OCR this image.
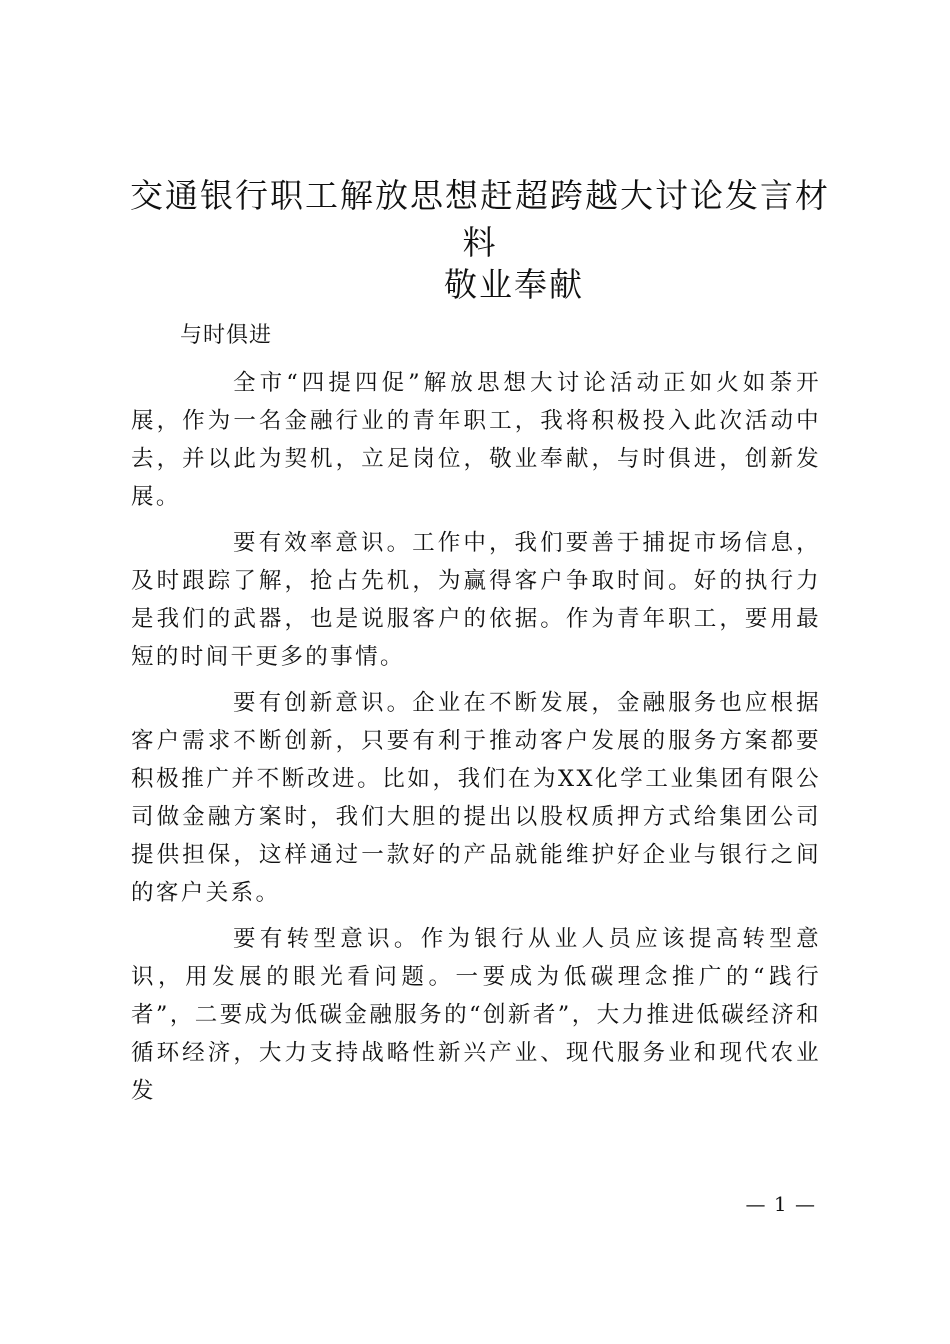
交通银行职工解放思想赶超跨越大讨论发言材料
敬业奉献
与时俱进

全市“四提四促”解放思想大讨论活动正如火如荼开展，作为一名金融行业的青年职工，我将积极投入此次活动中去，并以此为契机，立足岗位，敬业奉献，与时俱进，创新发展。

要有效率意识。工作中，我们要善于捕捉市场信息，及时跟踪了解，抢占先机，为赢得客户争取时间。好的执行力是我们的武器，也是说服客户的依据。作为青年职工，要用最短的时间干更多的事情。

要有创新意识。企业在不断发展，金融服务也应根据客户需求不断创新，只要有利于推动客户发展的服务方案都要积极推广并不断改进。比如，我们在为XX化学工业集团有限公司做金融方案时，我们大胆的提出以股权质押方式给集团公司提供担保，这样通过一款好的产品就能维护好企业与银行之间的客户关系。

要有转型意识。作为银行从业人员应该提高转型意识，用发展的眼光看问题。一要成为低碳理念推广的“践行者”，二要成为低碳金融服务的“创新者”，大力推进低碳经济和循环经济，大力支持战略性新兴产业、现代服务业和现代农业发

— 1 —
